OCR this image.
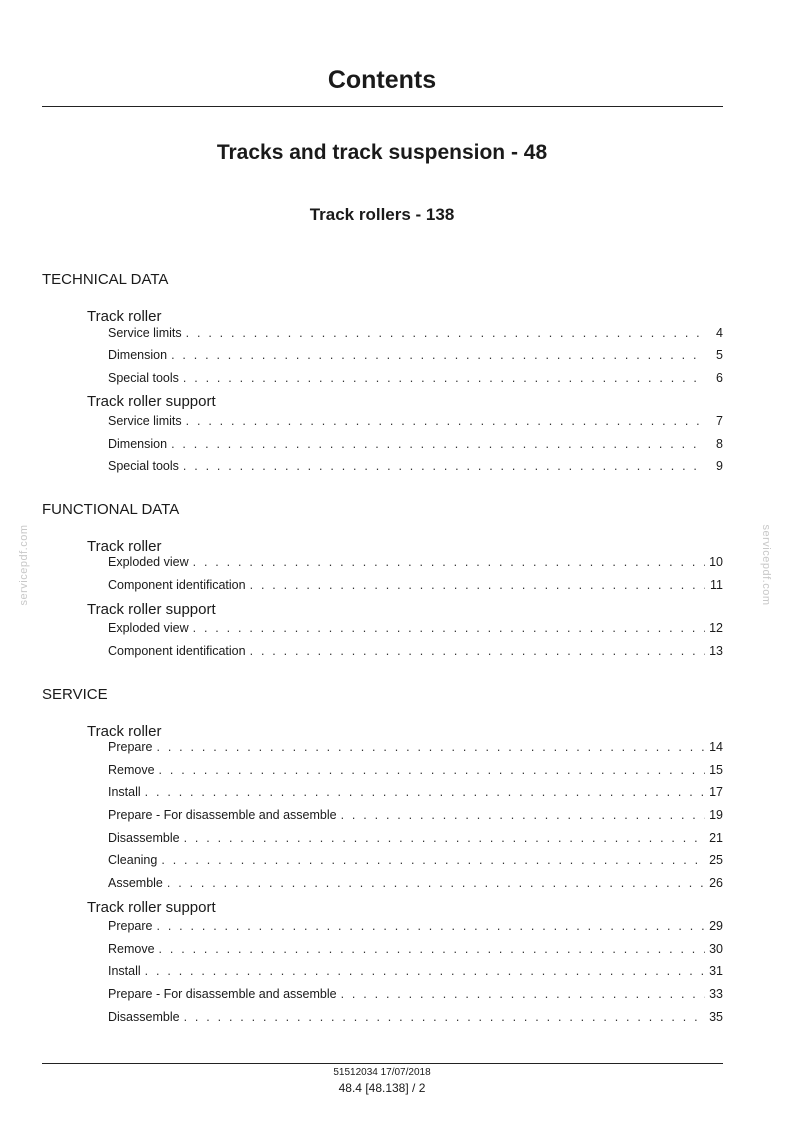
Contents
Tracks and track suspension - 48
Track rollers - 138
TECHNICAL DATA
Track roller
Service limits . . .	4
Dimension . . .	5
Special tools . . .	6
Track roller support
Service limits . . .	7
Dimension . . .	8
Special tools . . .	9
FUNCTIONAL DATA
Track roller
Exploded view . . .	10
Component identification . . .	11
Track roller support
Exploded view . . .	12
Component identification . . .	13
SERVICE
Track roller
Prepare . . .	14
Remove . . .	15
Install . . .	17
Prepare - For disassemble and assemble . . .	19
Disassemble . . .	21
Cleaning . . .	25
Assemble . . .	26
Track roller support
Prepare . . .	29
Remove . . .	30
Install . . .	31
Prepare - For disassemble and assemble . . .	33
Disassemble . . .	35
servicepdf.com	servicepdf.com
51512034 17/07/2018
48.4 [48.138] / 2
